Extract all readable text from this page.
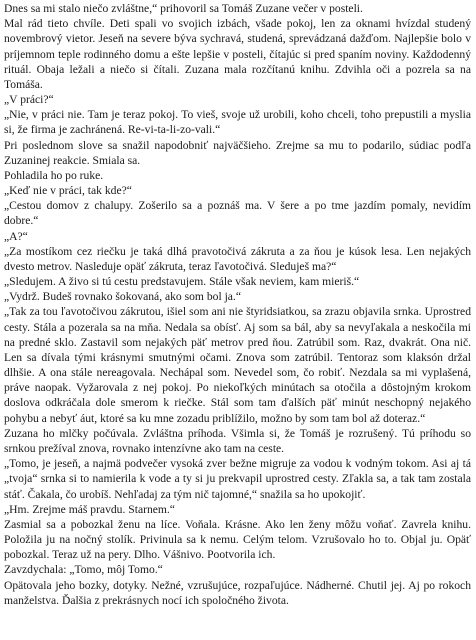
Dnes sa mi stalo niečo zvláštne,“ prihovoril sa Tomáš Zuzane večer v posteli.

Mal rád tieto chvíle. Deti spali vo svojich izbách, všade pokoj, len za oknami hvízdal studený novembrový vietor. Jeseň na severe býva sychravá, studená, sprevádzaná dažďom. Najlepšie bolo v príjemnom teple rodinného domu a ešte lepšie v posteli, čítajúc si pred spaním noviny. Každodenný rituál. Obaja ležali a niečo si čítali. Zuzana mala rozčítanú knihu. Zdvihla oči a pozrela sa na Tomáša.

„V práci?“

„Nie, v práci nie. Tam je teraz pokoj. To vieš, svoje už urobili, koho chceli, toho prepustili a myslia si, že firma je zachránená. Re-vi-ta-li-zo-vali.“

Pri poslednom slove sa snažil napodobniť najväčšieho. Zrejme sa mu to podarilo, súdiac podľa Zuzaninej reakcie. Smiala sa.

Pohladila ho po ruke.

„Keď nie v práci, tak kde?“

„Cestou domov z chalupy. Zošerilo sa a poznáš ma. V šere a po tme jazdím pomaly, nevidím dobre.“

„A?“

„Za mostíkom cez riečku je taká dlhá pravotočivá zákruta a za ňou je kúsok lesa. Len nejakých dvesto metrov. Nasleduje opäť zákruta, teraz ľavotočivá. Sleduješ ma?“

„Sledujem. A živo si tú cestu predstavujem. Stále však neviem, kam mieriš.“

„Vydrž. Budeš rovnako šokovaná, ako som bol ja.“

„Tak za tou ľavotočivou zákrutou, išiel som ani nie štyridsiatkou, sa zrazu objavila srnka. Uprostred cesty. Stála a pozerala sa na mňa. Nedala sa obísť. Aj som sa bál, aby sa nevyľakala a neskočila mi na predné sklo. Zastavil som nejakých päť metrov pred ňou. Zatrúbil som. Raz, dvakrát. Ona nič. Len sa dívala tými krásnymi smutnými očami. Znova som zatrúbil. Tentoraz som klaksón držal dlhšie. A ona stále nereagovala. Nechápal som. Nevedel som, čo robiť. Nezdala sa mi vyplašená, práve naopak. Vyžarovala z nej pokoj. Po niekoľkých minútach sa otočila a dôstojným krokom doslova odkráčala dole smerom k riečke. Stál som tam ďalších päť minút neschopný nejakého pohybu a nebyť áut, ktoré sa ku mne zozadu priblížilo, možno by som tam bol až doteraz.“

Zuzana ho mlčky počúvala. Zvláštna príhoda. Všimla si, že Tomáš je rozrušený. Tú príhodu so srnkou prežíval znova, rovnako intenzívne ako tam na ceste.

„Tomo, je jeseň, a najmä podvečer vysoká zver bežne migruje za vodou k vodným tokom. Asi aj tá „tvoja“ srnka si to namierila k vode a ty si ju prekvapil uprostred cesty. Zľakla sa, a tak tam zostala stáť. Čakala, čo urobíš. Nehľadaj za tým nič tajomné,“ snažila sa ho upokojiť.

„Hm. Zrejme máš pravdu. Starnem.“

Zasmial sa a pobozkal ženu na líce. Voňala. Krásne. Ako len ženy môžu voňať. Zavrela knihu. Položila ju na nočný stolík. Privinula sa k nemu. Celým telom. Vzrušovalo ho to. Objal ju. Opäť pobozkal. Teraz už na pery. Dlho. Vášnivo. Pootvorila ich.

Zavzdychala: „Tomo, môj Tomo.“

Opätovala jeho bozky, dotyky. Nežné, vzrušujúce, rozpaľujúce. Nádherné. Chutil jej. Aj po rokoch manželstva. Ďalšia z prekrásnych nocí ich spoločného života.
